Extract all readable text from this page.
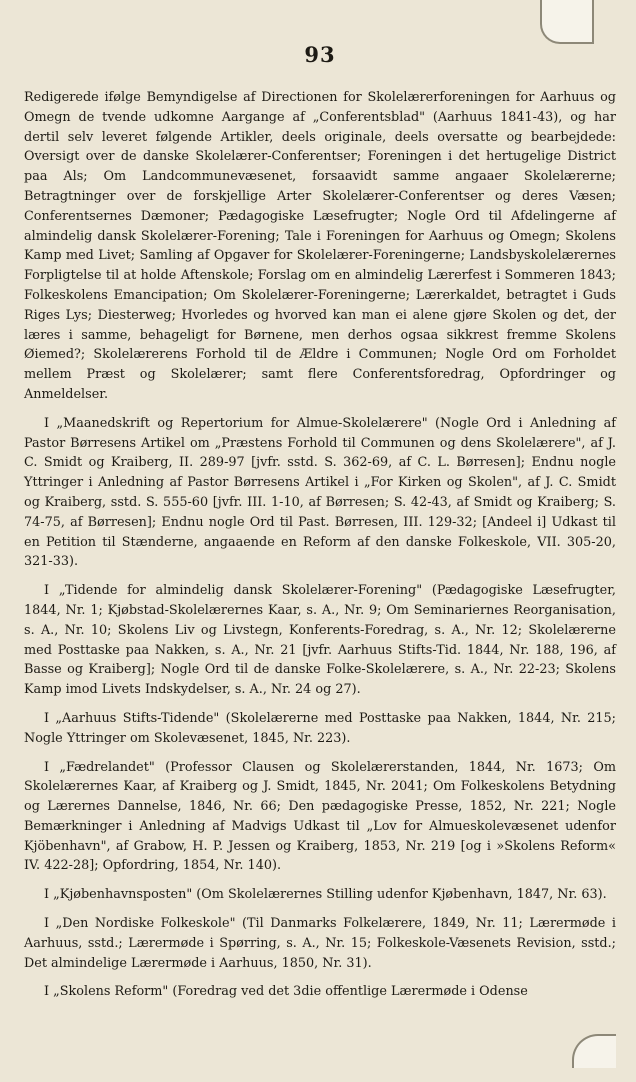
93

Redigerede ifølge Bemyndigelse af Directionen for Skolelærerforeningen for Aarhuus og Omegn de tvende udkomne Aargange af „Conferentsblad" (Aarhuus 1841-43), og har dertil selv leveret følgende Artikler, deels originale, deels oversatte og bearbejdede: Oversigt over de danske Skolelærer-Conferentser; Foreningen i det hertugelige District paa Als; Om Landcommunevæsenet, forsaavidt samme angaaer Skolelærerne; Betragtninger over de forskjellige Arter Skolelærer-Conferentser og deres Væsen; Conferentsernes Dæmoner; Pædagogiske Læsefrugter; Nogle Ord til Afdelingerne af almindelig dansk Skolelærer-Forening; Tale i Foreningen for Aarhuus og Omegn; Skolens Kamp med Livet; Samling af Opgaver for Skolelærer-Foreningerne; Landsbyskolelærernes Forpligtelse til at holde Aftenskole; Forslag om en almindelig Lærerfest i Sommeren 1843; Folkeskolens Emancipation; Om Skolelærer-Foreningerne; Lærerkaldet, betragtet i Guds Riges Lys; Diesterweg; Hvorledes og hvorved kan man ei alene gjøre Skolen og det, der læres i samme, behageligt for Børnene, men derhos ogsaa sikkrest fremme Skolens Øiemed?; Skolelærerens Forhold til de Ældre i Communen; Nogle Ord om Forholdet mellem Præst og Skolelærer; samt flere Conferentsforedrag, Opfordringer og Anmeldelser.

I „Maanedskrift og Repertorium for Almue-Skolelærere" (Nogle Ord i Anledning af Pastor Børresens Artikel om „Præstens Forhold til Communen og dens Skolelærere", af J. C. Smidt og Kraiberg, II. 289-97 [jvfr. sstd. S. 362-69, af C. L. Børresen]; Endnu nogle Yttringer i Anledning af Pastor Børresens Artikel i „For Kirken og Skolen", af J. C. Smidt og Kraiberg, sstd. S. 555-60 [jvfr. III. 1-10, af Børresen; S. 42-43, af Smidt og Kraiberg; S. 74-75, af Børresen]; Endnu nogle Ord til Past. Børresen, III. 129-32; [Andeel i] Udkast til en Petition til Stænderne, angaaende en Reform af den danske Folkeskole, VII. 305-20, 321-33).

I „Tidende for almindelig dansk Skolelærer-Forening" (Pædagogiske Læsefrugter, 1844, Nr. 1; Kjøbstad-Skolelærernes Kaar, s. A., Nr. 9; Om Seminariernes Reorganisation, s. A., Nr. 10; Skolens Liv og Livstegn, Konferents-Foredrag, s. A., Nr. 12; Skolelærerne med Posttaske paa Nakken, s. A., Nr. 21 [jvfr. Aarhuus Stifts-Tid. 1844, Nr. 188, 196, af Basse og Kraiberg]; Nogle Ord til de danske Folke-Skolelærere, s. A., Nr. 22-23; Skolens Kamp imod Livets Indskydelser, s. A., Nr. 24 og 27).

I „Aarhuus Stifts-Tidende" (Skolelærerne med Posttaske paa Nakken, 1844, Nr. 215; Nogle Yttringer om Skolevæsenet, 1845, Nr. 223).

I „Fædrelandet" (Professor Clausen og Skolelærerstanden, 1844, Nr. 1673; Om Skolelærernes Kaar, af Kraiberg og J. Smidt, 1845, Nr. 2041; Om Folkeskolens Betydning og Lærernes Dannelse, 1846, Nr. 66; Den pædagogiske Presse, 1852, Nr. 221; Nogle Bemærkninger i Anledning af Madvigs Udkast til „Lov for Almueskolevæsenet udenfor Kjöbenhavn", af Grabow, H. P. Jessen og Kraiberg, 1853, Nr. 219 [og i »Skolens Reform« IV. 422-28]; Opfordring, 1854, Nr. 140).

I „Kjøbenhavnsposten" (Om Skolelærernes Stilling udenfor Kjøbenhavn, 1847, Nr. 63).

I „Den Nordiske Folkeskole" (Til Danmarks Folkelærere, 1849, Nr. 11; Lærermøde i Aarhuus, sstd.; Lærermøde i Spørring, s. A., Nr. 15; Folkeskole-Væsenets Revision, sstd.; Det almindelige Lærermøde i Aarhuus, 1850, Nr. 31).

I „Skolens Reform" (Foredrag ved det 3die offentlige Lærermøde i Odense
